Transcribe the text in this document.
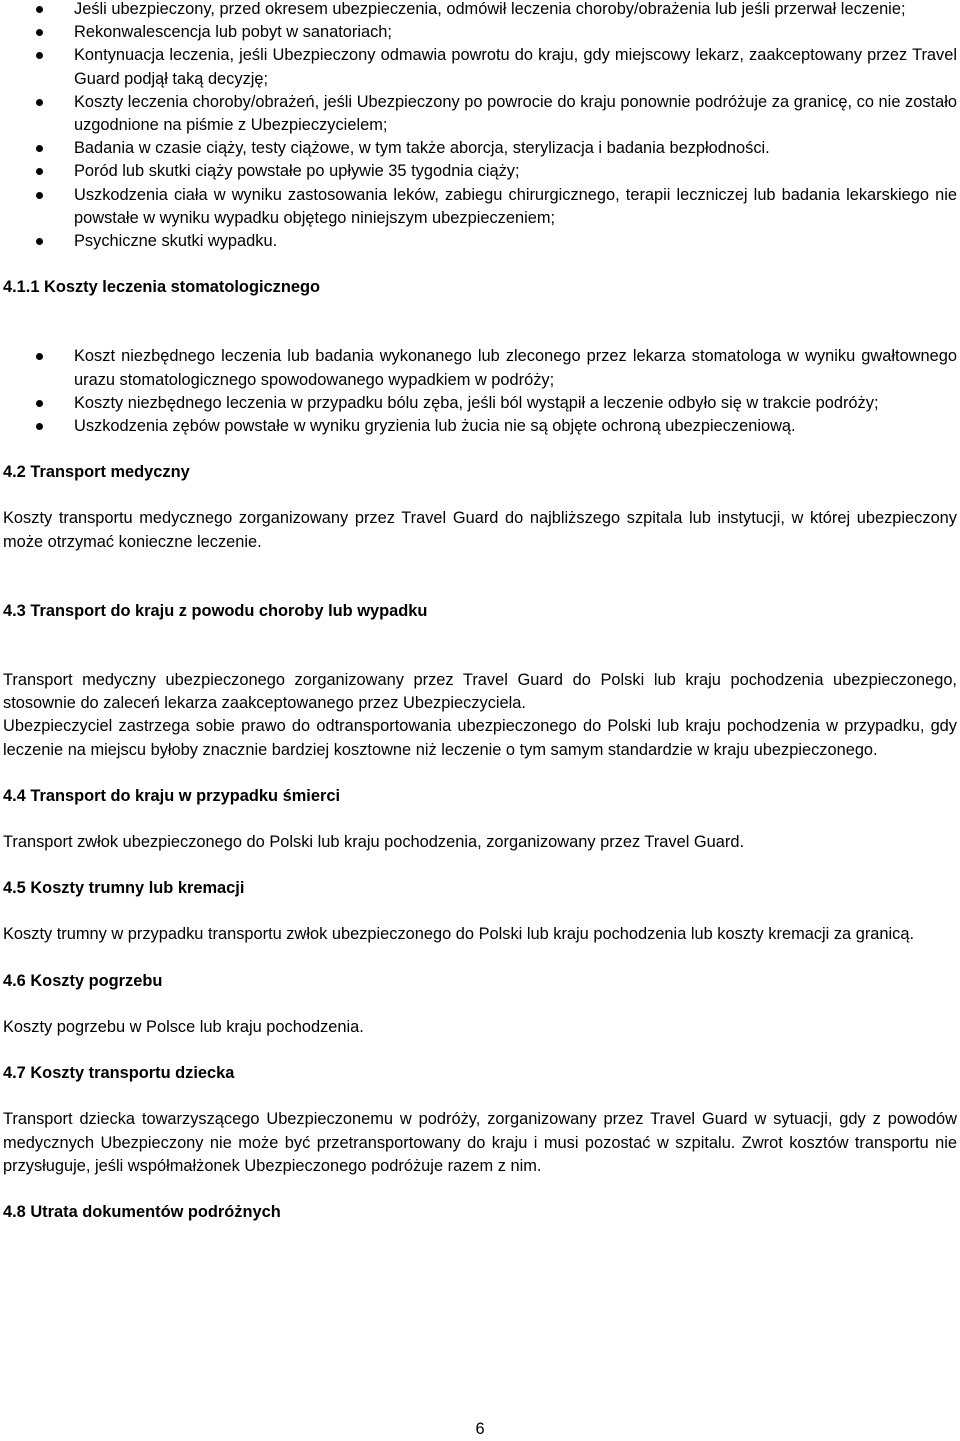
Jeśli ubezpieczony, przed okresem ubezpieczenia, odmówił leczenia choroby/obrażenia lub jeśli przerwał leczenie;
Rekonwalescencja lub pobyt w sanatoriach;
Kontynuacja leczenia, jeśli Ubezpieczony odmawia powrotu do kraju, gdy miejscowy lekarz, zaakceptowany przez Travel Guard podjął taką decyzję;
Koszty leczenia choroby/obrażeń, jeśli Ubezpieczony po powrocie do kraju ponownie podróżuje za granicę, co nie zostało uzgodnione na piśmie z Ubezpieczycielem;
Badania w czasie ciąży, testy ciążowe, w tym także aborcja, sterylizacja i badania bezpłodności.
Poród lub skutki ciąży powstałe po upływie 35 tygodnia ciąży;
Uszkodzenia ciała w wyniku zastosowania leków, zabiegu chirurgicznego, terapii leczniczej lub badania lekarskiego nie powstałe w wyniku wypadku objętego niniejszym ubezpieczeniem;
Psychiczne skutki wypadku.
4.1.1 Koszty leczenia stomatologicznego
Koszt niezbędnego leczenia lub badania wykonanego lub zleconego przez lekarza stomatologa w wyniku gwałtownego urazu stomatologicznego spowodowanego wypadkiem w podróży;
Koszty niezbędnego leczenia w przypadku bólu zęba, jeśli ból wystąpił a leczenie odbyło się w trakcie podróży;
Uszkodzenia zębów powstałe w wyniku gryzienia lub żucia nie są objęte ochroną ubezpieczeniową.
4.2 Transport medyczny

Koszty transportu medycznego zorganizowany przez Travel Guard do najbliższego szpitala lub instytucji, w której ubezpieczony może otrzymać konieczne leczenie.

4.3 Transport do kraju z powodu choroby lub wypadku

Transport medyczny ubezpieczonego zorganizowany przez Travel Guard do Polski lub kraju pochodzenia ubezpieczonego, stosownie do zaleceń lekarza zaakceptowanego przez Ubezpieczyciela.

Ubezpieczyciel zastrzega sobie prawo do odtransportowania ubezpieczonego do Polski lub kraju pochodzenia w przypadku, gdy leczenie na miejscu byłoby znacznie bardziej kosztowne niż leczenie o tym samym standardzie w kraju ubezpieczonego.

4.4 Transport do kraju w przypadku śmierci

Transport zwłok ubezpieczonego do Polski lub kraju pochodzenia, zorganizowany przez Travel Guard.

4.5 Koszty trumny lub kremacji

Koszty trumny w przypadku transportu zwłok ubezpieczonego do Polski lub kraju pochodzenia lub koszty kremacji za granicą.

4.6 Koszty pogrzebu

Koszty pogrzebu w Polsce lub kraju pochodzenia.

4.7 Koszty transportu dziecka

Transport dziecka towarzyszącego Ubezpieczonemu w podróży, zorganizowany przez Travel Guard w sytuacji, gdy z powodów medycznych Ubezpieczony nie może być przetransportowany do kraju i musi pozostać w szpitalu. Zwrot kosztów transportu nie przysługuje, jeśli współmałżonek Ubezpieczonego podróżuje razem z nim.

4.8 Utrata dokumentów podróżnych
6
